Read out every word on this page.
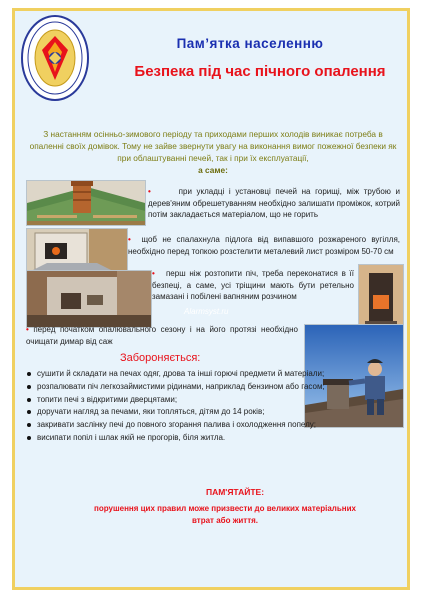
Пам’ятка населенню
Безпека під час пічного опалення
З настанням осінньо-зимового періоду та приходами перших холодів виникає потреба в опаленні своїх домівок. Тому не зайве звернути увагу на виконання вимог пожежної безпеки як при облаштуванні печей, так і при їх експлуатації,
а саме:
•	при укладці і установці печей на горищі, між трубою и дерев'яним обрешетуванням необхідно залишати проміжок, котрий потім закладається матеріалом, що не горить
• щоб не спалахнула підлога від випавшого розжареного вугілля, необхідно перед топкою розстелити металевий лист розміром 50-70 см
Alarmsyst.ru
• перш ніж розтопити піч, треба переконатися в її безпеці, а саме, усі тріщини мають бути ретельно замазані і побілені вапняним розчином
• перед початком опалювального сезону і на його протязі необхідно очищати димар від саж
Забороняється:
сушити й складати на печах одяг, дрова та інші горючі предмети й матеріали;
розпалювати піч легкозаймистими рідинами, наприклад бензином або гасом;
топити печі з відкритими дверцятами;
доручати нагляд за печами, яки топляться, дітям до 14 років;
закривати заслінку печі до повного згорання палива і охолодження попелу;
висипати попіл і шлак якій не прогорів, біля житла.
ПАМ'ЯТАЙТЕ:
порушення цих правил може призвести до великих матеріальних втрат або життя.
